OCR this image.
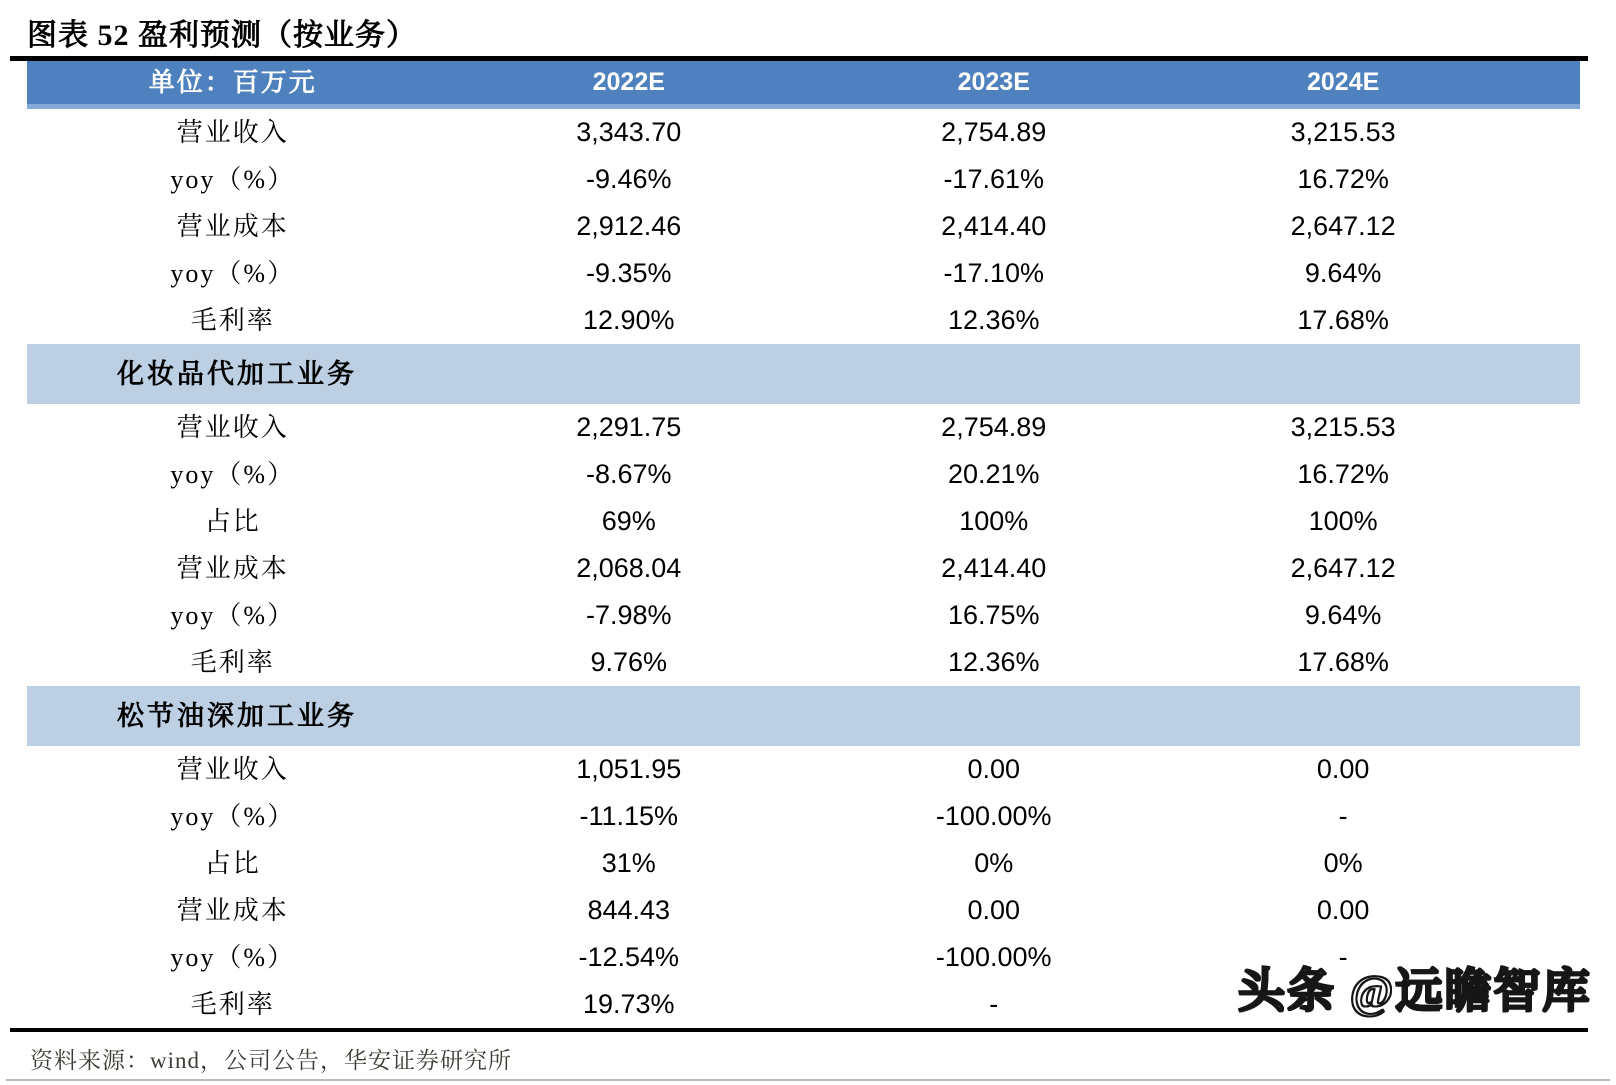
图表 52 盈利预测（按业务）
单位：百万元	2022E	2023E	2024E
营业收入	3,343.70	2,754.89	3,215.53
yoy（%）	-9.46%	-17.61%	16.72%
营业成本	2,912.46	2,414.40	2,647.12
yoy（%）	-9.35%	-17.10%	9.64%
毛利率	12.90%	12.36%	17.68%
化妆品代加工业务
营业收入	2,291.75	2,754.89	3,215.53
yoy（%）	-8.67%	20.21%	16.72%
占比	69%	100%	100%
营业成本	2,068.04	2,414.40	2,647.12
yoy（%）	-7.98%	16.75%	9.64%
毛利率	9.76%	12.36%	17.68%
松节油深加工业务
营业收入	1,051.95	0.00	0.00
yoy（%）	-11.15%	-100.00%	-
占比	31%	0%	0%
营业成本	844.43	0.00	0.00
yoy（%）	-12.54%	-100.00%	-
毛利率	19.73%	-
资料来源：wind，公司公告，华安证券研究所
头条 @远瞻智库
